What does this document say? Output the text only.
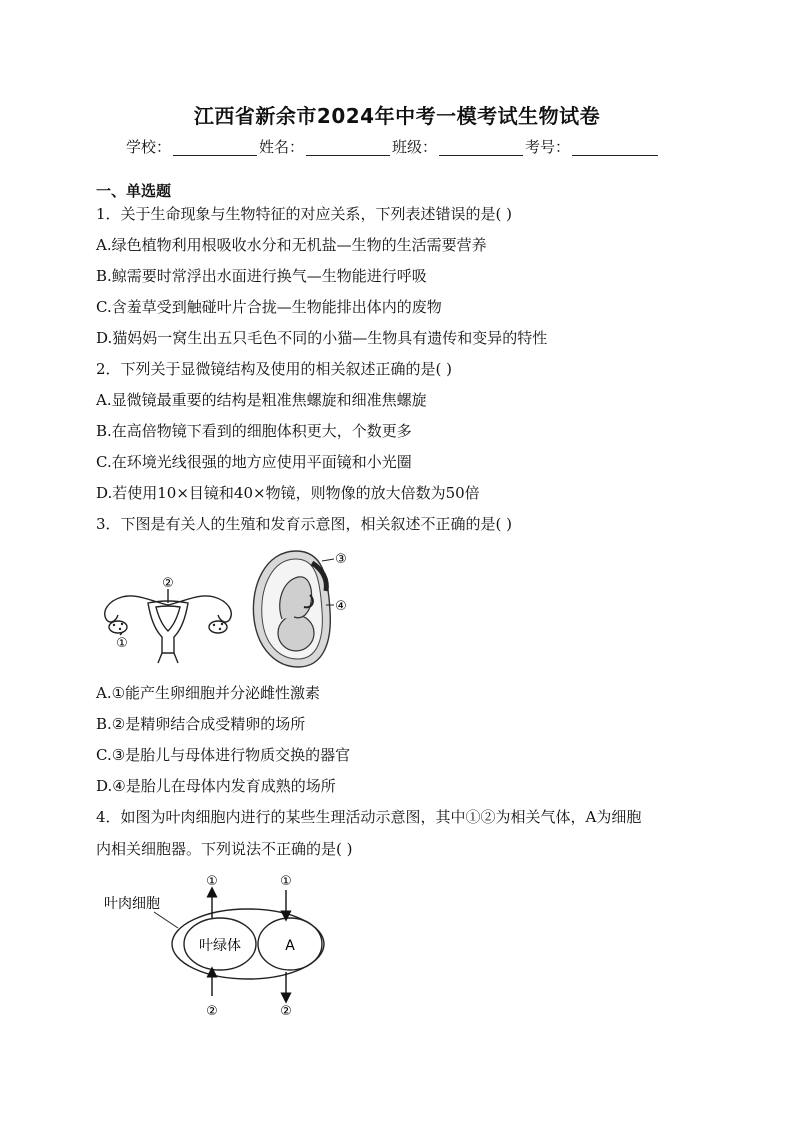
江西省新余市2024年中考一模考试生物试卷
学校：	姓名：	班级：	考号：
一、单选题
1．关于生命现象与生物特征的对应关系，下列表述错误的是( )
A.绿色植物利用根吸收水分和无机盐—生物的生活需要营养
B.鲸需要时常浮出水面进行换气—生物能进行呼吸
C.含羞草受到触碰叶片合拢—生物能排出体内的废物
D.猫妈妈一窝生出五只毛色不同的小猫—生物具有遗传和变异的特性
2．下列关于显微镜结构及使用的相关叙述正确的是( )
A.显微镜最重要的结构是粗准焦螺旋和细准焦螺旋
B.在高倍物镜下看到的细胞体积更大，个数更多
C.在环境光线很强的地方应使用平面镜和小光圈
D.若使用10×目镜和40×物镜，则物像的放大倍数为50倍
3．下图是有关人的生殖和发育示意图，相关叙述不正确的是( )
②
①
③
④
A.①能产生卵细胞并分泌雌性激素
B.②是精卵结合成受精卵的场所
C.③是胎儿与母体进行物质交换的器官
D.④是胎儿在母体内发育成熟的场所
4．如图为叶肉细胞内进行的某些生理活动示意图，其中①②为相关气体，A为细胞
内相关细胞器。下列说法不正确的是( )
叶绿体	A
叶肉细胞
①	①
②	②
